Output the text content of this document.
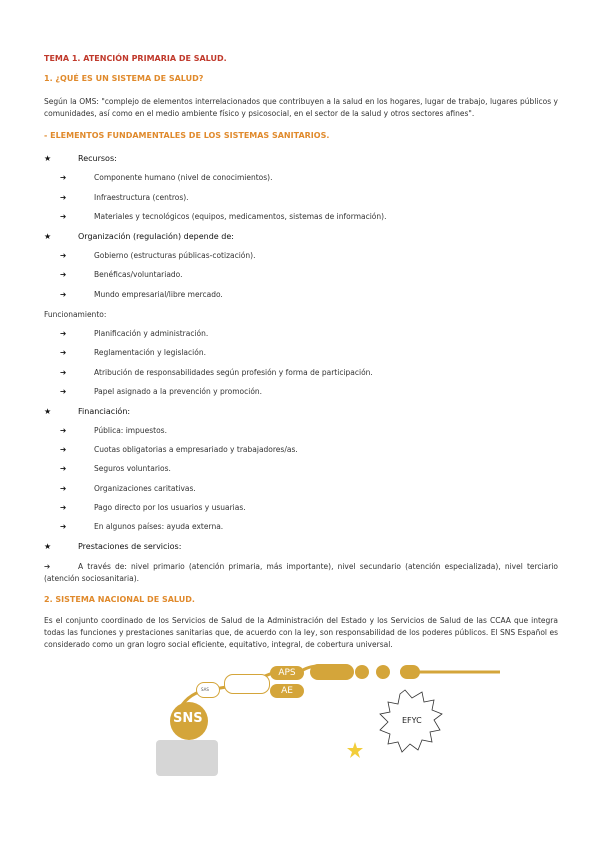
TEMA 1. ATENCIÓN PRIMARIA DE SALUD.
1. ¿QUÉ ES UN SISTEMA DE SALUD?
Según la OMS: "complejo de elementos interrelacionados que contribuyen a la salud en los hogares, lugar de trabajo, lugares públicos y comunidades, así como en el medio ambiente físico y psicosocial, en el sector de la salud y otros sectores afines".
- ELEMENTOS FUNDAMENTALES DE LOS SISTEMAS SANITARIOS.
★	Recursos:
➔	Componente humano (nivel de conocimientos).
➔	Infraestructura (centros).
➔	Materiales y tecnológicos (equipos, medicamentos, sistemas de información).
★	Organización (regulación) depende de:
➔	Gobierno (estructuras públicas-cotización).
➔	Benéficas/voluntariado.
➔	Mundo empresarial/libre mercado.
Funcionamiento:
➔	Planificación y administración.
➔	Reglamentación y legislación.
➔	Atribución de responsabilidades según profesión y forma de participación.
➔	Papel asignado a la prevención y promoción.
★	Financiación:
➔	Pública: impuestos.
➔	Cuotas obligatorias a empresariado y trabajadores/as.
➔	Seguros voluntarios.
➔	Organizaciones caritativas.
➔	Pago directo por los usuarios y usuarias.
➔	En algunos países: ayuda externa.
★	Prestaciones de servicios:
➔	A través de: nivel primario (atención primaria, más importante), nivel secundario (atención especializada), nivel terciario (atención sociosanitaria).
2. SISTEMA NACIONAL DE SALUD.
Es el conjunto coordinado de los Servicios de Salud de la Administración del Estado y los Servicios de Salud de las CCAA que integra todas las funciones y prestaciones sanitarias que, de acuerdo con la ley, son responsabilidad de los poderes públicos. El SNS Español es considerado como un gran logro social eficiente, equitativo, integral, de cobertura universal.
SNS
SAS
APS
AE
EFYC
